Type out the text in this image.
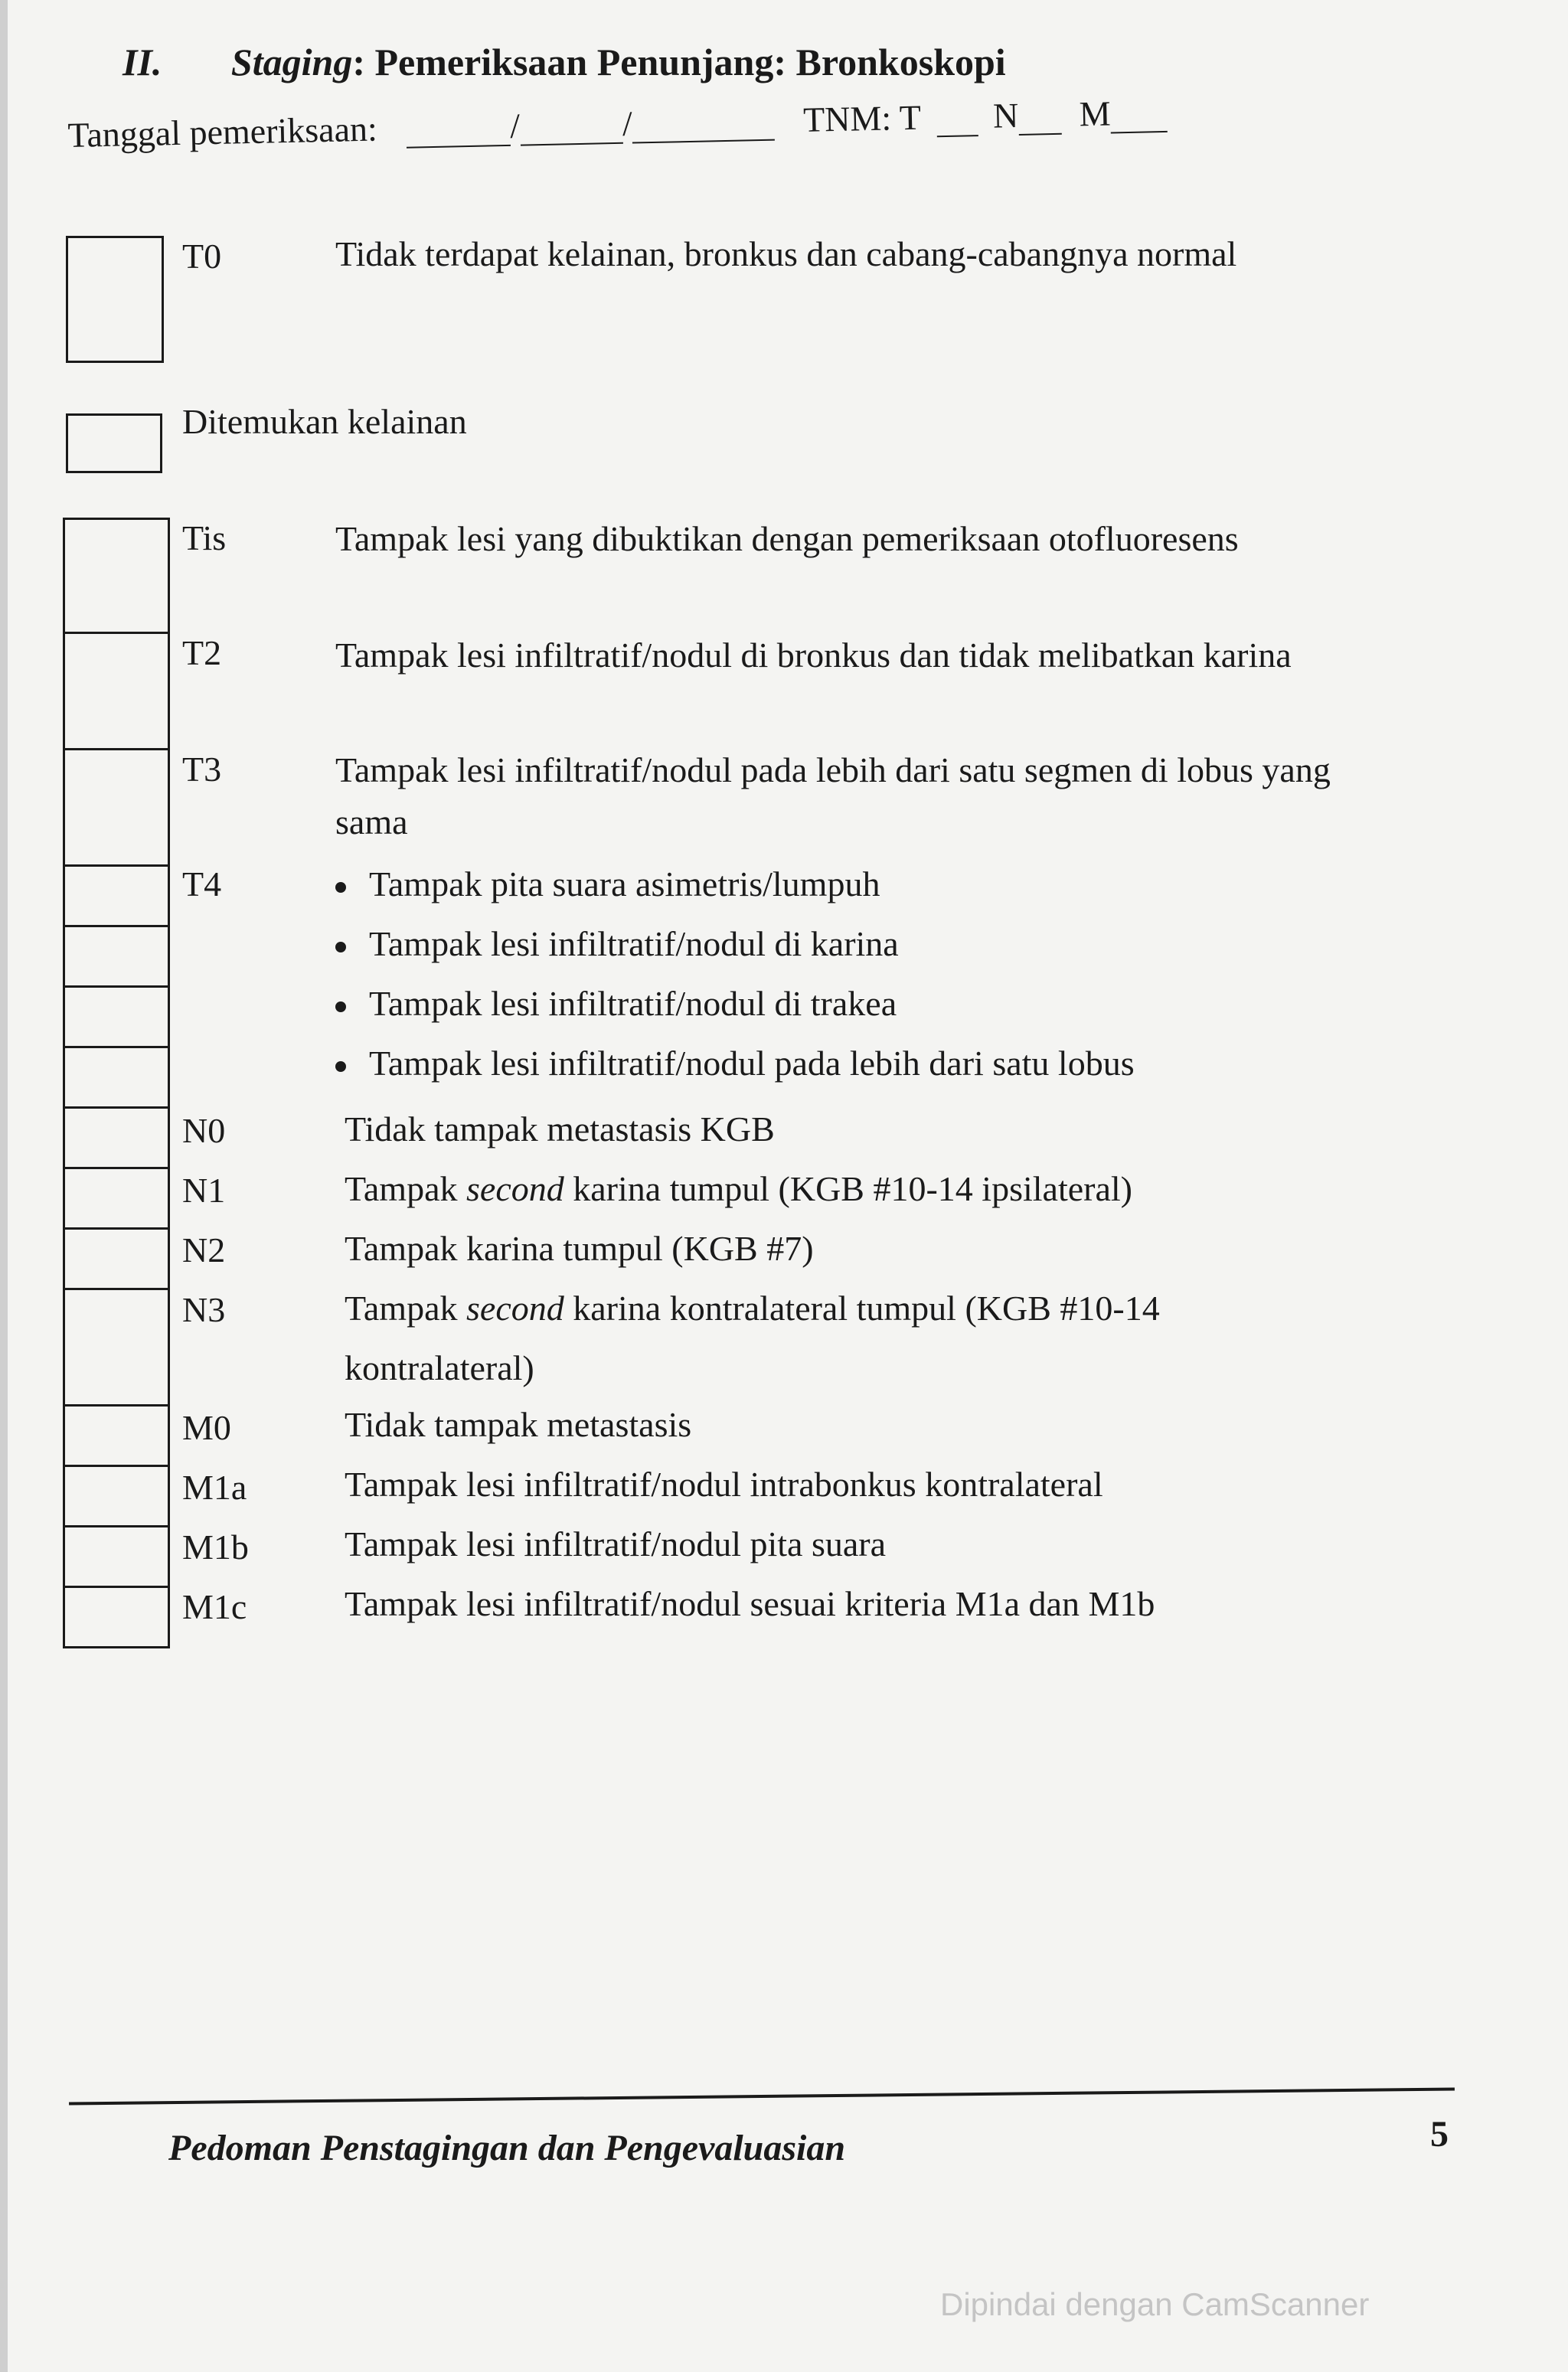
II. Staging: Pemeriksaan Penunjang: Bronkoskopi
Tanggal pemeriksaan:	/	/	TNM: T N M
T0	Tidak terdapat kelainan, bronkus dan cabang-cabangnya normal
Ditemukan kelainan
Tis	Tampak lesi yang dibuktikan dengan pemeriksaan otofluoresens
T2	Tampak lesi infiltratif/nodul di bronkus dan tidak melibatkan karina
T3	Tampak lesi infiltratif/nodul pada lebih dari satu segmen di lobus yang sama
T4	Tampak pita suara asimetris/lumpuh
Tampak lesi infiltratif/nodul di karina
Tampak lesi infiltratif/nodul di trakea
Tampak lesi infiltratif/nodul pada lebih dari satu lobus
N0	Tidak tampak metastasis KGB
N1	Tampak second karina tumpul (KGB #10-14 ipsilateral)
N2	Tampak karina tumpul (KGB #7)
N3	Tampak second karina kontralateral tumpul (KGB #10-14 kontralateral)
M0	Tidak tampak metastasis
M1a	Tampak lesi infiltratif/nodul intrabonkus kontralateral
M1b	Tampak lesi infiltratif/nodul pita suara
M1c	Tampak lesi infiltratif/nodul sesuai kriteria M1a dan M1b
Pedoman Penstagingan dan Pengevaluasian	5
Dipindai dengan CamScanner
